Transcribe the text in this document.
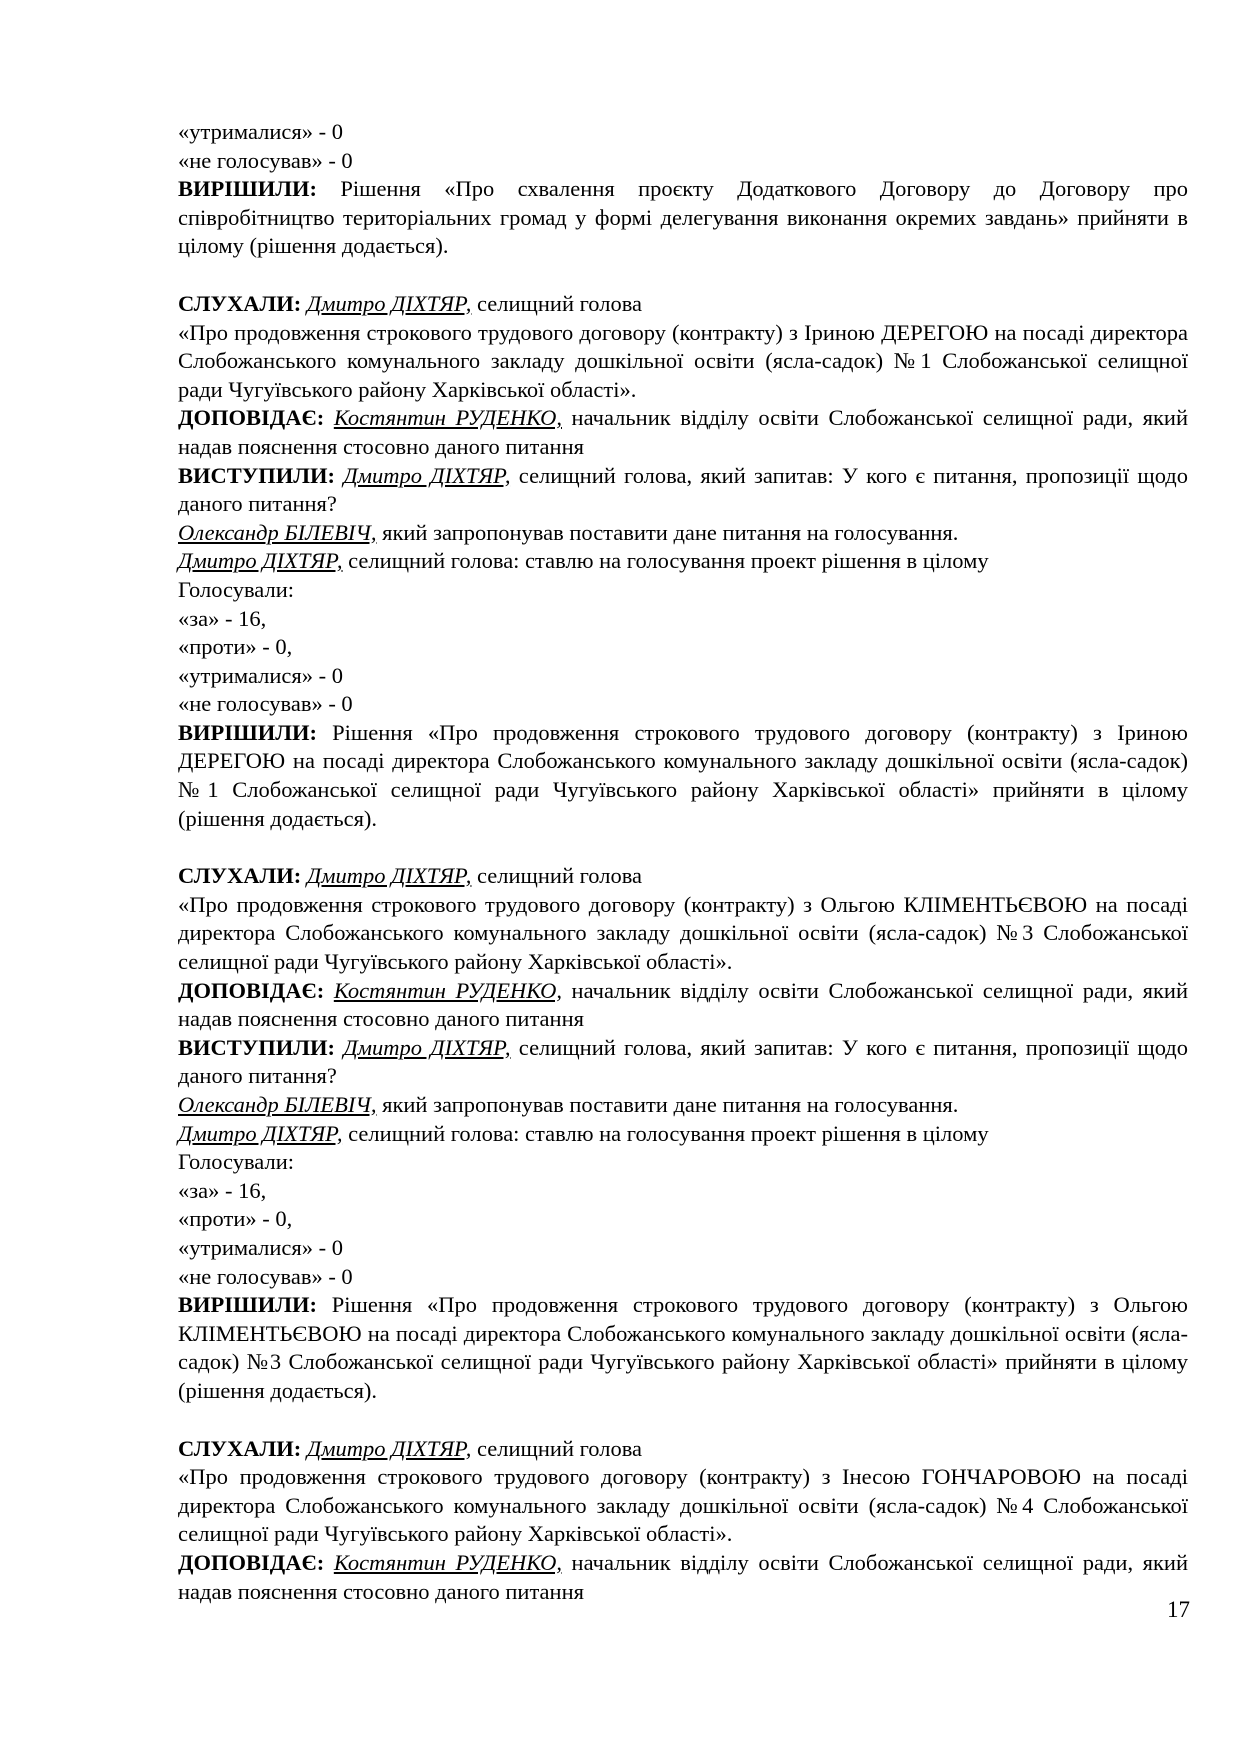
«утрималися» - 0

«не голосував» - 0

ВИРІШИЛИ: Рішення «Про схвалення проєкту Додаткового Договору до Договору про співробітництво територіальних громад у формі делегування виконання окремих завдань» прийняти в цілому (рішення додається).

СЛУХАЛИ: Дмитро ДІХТЯР, селищний голова

«Про продовження строкового трудового договору (контракту) з Іриною ДЕРЕГОЮ на посаді директора Слобожанського комунального закладу дошкільної освіти (ясла-садок) №1 Слобожанської селищної ради Чугуївського району Харківської області».

ДОПОВІДАЄ: Костянтин РУДЕНКО, начальник відділу освіти Слобожанської селищної ради, який надав пояснення стосовно даного питання

ВИСТУПИЛИ: Дмитро ДІХТЯР, селищний голова, який запитав: У кого є питання, пропозиції щодо даного питання?

Олександр БІЛЕВІЧ, який запропонував поставити дане питання на голосування.

Дмитро ДІХТЯР, селищний голова: ставлю на голосування проект рішення в цілому

Голосували:

«за» - 16,

«проти» - 0,

«утрималися» - 0

«не голосував» - 0

ВИРІШИЛИ: Рішення «Про продовження строкового трудового договору (контракту) з Іриною ДЕРЕГОЮ на посаді директора Слобожанського комунального закладу дошкільної освіти (ясла-садок) №1 Слобожанської селищної ради Чугуївського району Харківської області» прийняти в цілому (рішення додається).

СЛУХАЛИ: Дмитро ДІХТЯР, селищний голова

«Про продовження строкового трудового договору (контракту) з Ольгою КЛІМЕНТЬЄВОЮ на посаді директора Слобожанського комунального закладу дошкільної освіти (ясла-садок) №3 Слобожанської селищної ради Чугуївського району Харківської області».

ДОПОВІДАЄ: Костянтин РУДЕНКО, начальник відділу освіти Слобожанської селищної ради, який надав пояснення стосовно даного питання

ВИСТУПИЛИ: Дмитро ДІХТЯР, селищний голова, який запитав: У кого є питання, пропозиції щодо даного питання?

Олександр БІЛЕВІЧ, який запропонував поставити дане питання на голосування.

Дмитро ДІХТЯР, селищний голова: ставлю на голосування проект рішення в цілому

Голосували:

«за» - 16,

«проти» - 0,

«утрималися» - 0

«не голосував» - 0

ВИРІШИЛИ: Рішення «Про продовження строкового трудового договору (контракту) з Ольгою КЛІМЕНТЬЄВОЮ на посаді директора Слобожанського комунального закладу дошкільної освіти (ясла-садок) №3 Слобожанської селищної ради Чугуївського району Харківської області» прийняти в цілому (рішення додається).

СЛУХАЛИ: Дмитро ДІХТЯР, селищний голова

«Про продовження строкового трудового договору (контракту) з Інесою ГОНЧАРОВОЮ на посаді директора Слобожанського комунального закладу дошкільної освіти (ясла-садок) №4 Слобожанської селищної ради Чугуївського району Харківської області».

ДОПОВІДАЄ: Костянтин РУДЕНКО, начальник відділу освіти Слобожанської селищної ради, який надав пояснення стосовно даного питання

17
